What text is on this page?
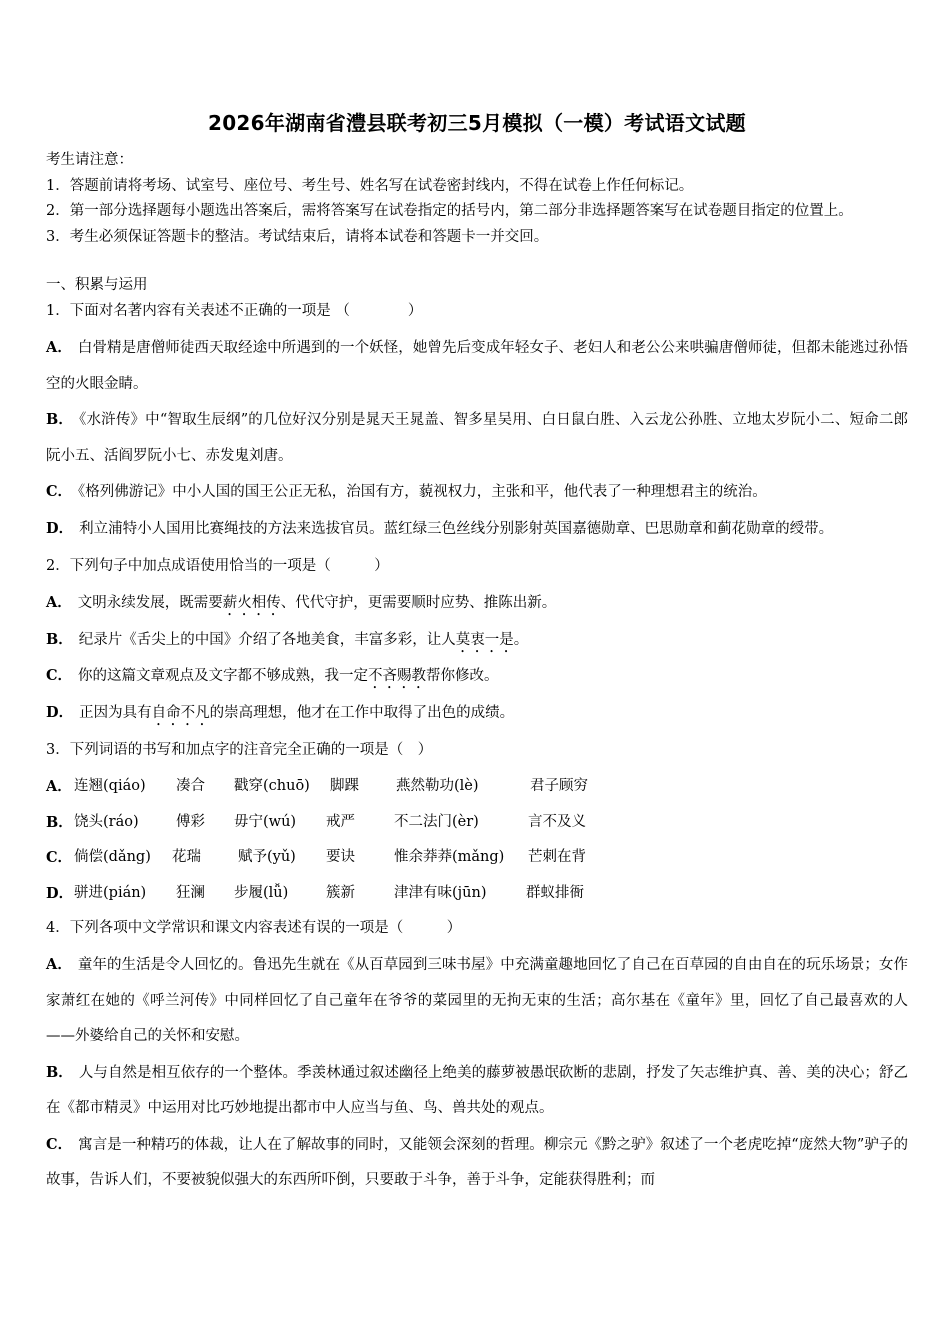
2026年湖南省澧县联考初三5月模拟（一模）考试语文试题

考生请注意：

1．答题前请将考场、试室号、座位号、考生号、姓名写在试卷密封线内，不得在试卷上作任何标记。

2．第一部分选择题每小题选出答案后，需将答案写在试卷指定的括号内，第二部分非选择题答案写在试卷题目指定的位置上。

3．考生必须保证答题卡的整洁。考试结束后，请将本试卷和答题卡一并交回。

一、积累与运用

1．下面对名著内容有关表述不正确的一项是 （　　　　）

A． 白骨精是唐僧师徒西天取经途中所遇到的一个妖怪，她曾先后变成年轻女子、老妇人和老公公来哄骗唐僧师徒，但都未能逃过孙悟空的火眼金睛。

B． 《水浒传》中“智取生辰纲”的几位好汉分别是晁天王晁盖、智多星吴用、白日鼠白胜、入云龙公孙胜、立地太岁阮小二、短命二郎阮小五、活阎罗阮小七、赤发鬼刘唐。

C． 《格列佛游记》中小人国的国王公正无私，治国有方，藐视权力，主张和平，他代表了一种理想君主的统治。

D． 利立浦特小人国用比赛绳技的方法来选拔官员。蓝红绿三色丝线分别影射英国嘉德勋章、巴思勋章和蓟花勋章的绶带。

2．下列句子中加点成语使用恰当的一项是（　　　）

A． 文明永续发展，既需要薪火相传、代代守护，更需要顺时应势、推陈出新。

B． 纪录片《舌尖上的中国》介绍了各地美食，丰富多彩，让人莫衷一是。

C． 你的这篇文章观点及文字都不够成熟，我一定不吝赐教帮你修改。

D． 正因为具有自命不凡的崇高理想，他才在工作中取得了出色的成绩。

3．下列词语的书写和加点字的注音完全正确的一项是（　）

A． 连翘(qiáo) 凑合 戳穿(chuō) 脚踝	燕然勒功(lè)	君子顾穷
B． 饶头(ráo)	傅彩 毋宁(wú) 戒严	不二法门(èr)	言不及义
C． 倘偿(dǎng) 花瑞	赋予(yǔ) 要诀	惟余莽莽(mǎng) 芒刺在背
D． 骈进(pián) 狂澜 步履(lǚ)	簇新	津津有味(jūn)	群蚁排衙

4．下列各项中文学常识和课文内容表述有误的一项是（　　　）

A． 童年的生活是令人回忆的。鲁迅先生就在《从百草园到三味书屋》中充满童趣地回忆了自己在百草园的自由自在的玩乐场景；女作家萧红在她的《呼兰河传》中同样回忆了自己童年在爷爷的菜园里的无拘无束的生活；高尔基在《童年》里，回忆了自己最喜欢的人——外婆给自己的关怀和安慰。

B． 人与自然是相互依存的一个整体。季羡林通过叙述幽径上绝美的藤萝被愚氓砍断的悲剧，抒发了矢志维护真、善、美的决心；舒乙在《都市精灵》中运用对比巧妙地提出都市中人应当与鱼、鸟、兽共处的观点。

C． 寓言是一种精巧的体裁，让人在了解故事的同时，又能领会深刻的哲理。柳宗元《黔之驴》叙述了一个老虎吃掉“庞然大物”驴子的故事，告诉人们，不要被貌似强大的东西所吓倒，只要敢于斗争，善于斗争，定能获得胜利；而
